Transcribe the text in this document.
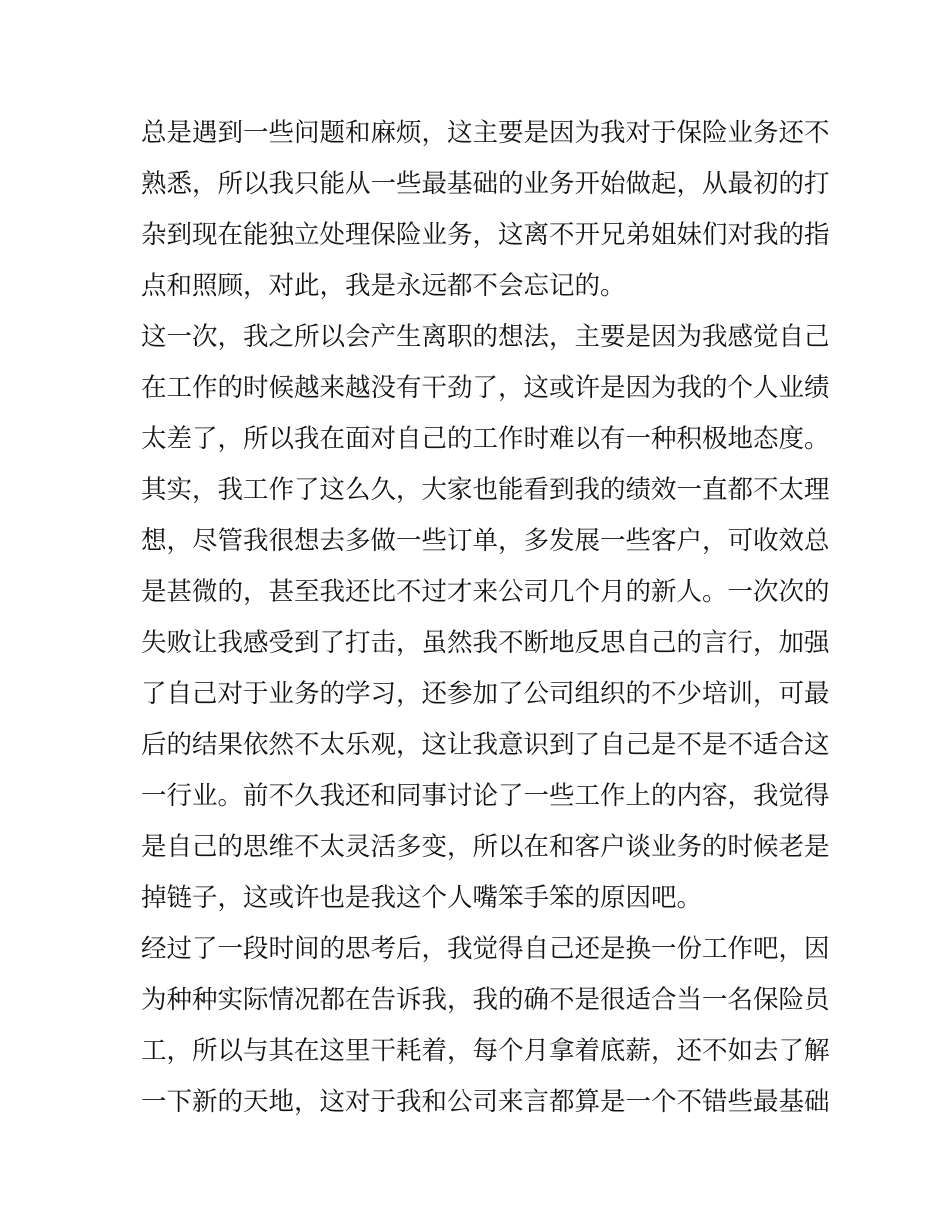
总是遇到一些问题和麻烦，这主要是因为我对于保险业务还不
熟悉，所以我只能从一些最基础的业务开始做起，从最初的打
杂到现在能独立处理保险业务，这离不开兄弟姐妹们对我的指
点和照顾，对此，我是永远都不会忘记的。
这一次，我之所以会产生离职的想法，主要是因为我感觉自己
在工作的时候越来越没有干劲了，这或许是因为我的个人业绩
太差了，所以我在面对自己的工作时难以有一种积极地态度。
其实，我工作了这么久，大家也能看到我的绩效一直都不太理
想，尽管我很想去多做一些订单，多发展一些客户，可收效总
是甚微的，甚至我还比不过才来公司几个月的新人。一次次的
失败让我感受到了打击，虽然我不断地反思自己的言行，加强
了自己对于业务的学习，还参加了公司组织的不少培训，可最
后的结果依然不太乐观，这让我意识到了自己是不是不适合这
一行业。前不久我还和同事讨论了一些工作上的内容，我觉得
是自己的思维不太灵活多变，所以在和客户谈业务的时候老是
掉链子，这或许也是我这个人嘴笨手笨的原因吧。
经过了一段时间的思考后，我觉得自己还是换一份工作吧，因
为种种实际情况都在告诉我，我的确不是很适合当一名保险员
工，所以与其在这里干耗着，每个月拿着底薪，还不如去了解
一下新的天地，这对于我和公司来言都算是一个不错些最基础
